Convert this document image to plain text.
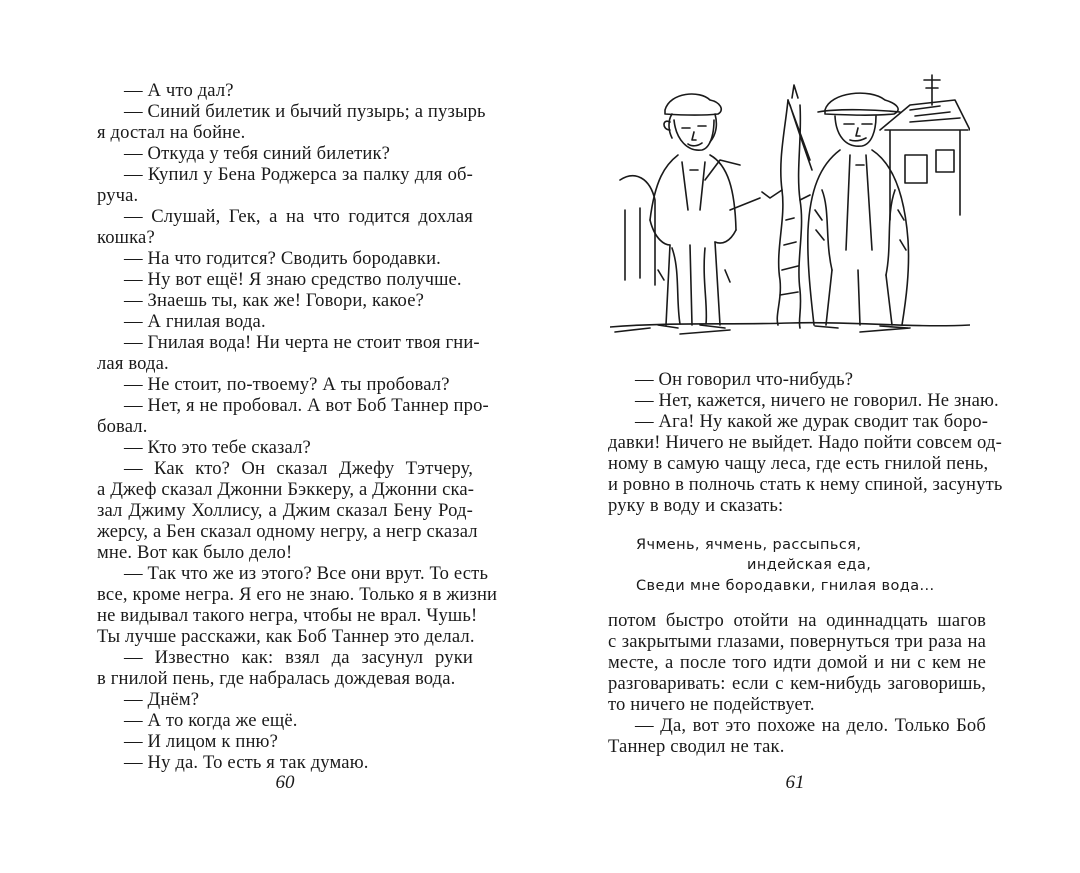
— А что дал?
— Синий билетик и бычий пузырь; а пузырь
я достал на бойне.
— Откуда у тебя синий билетик?
— Купил у Бена Роджерса за палку для об-
руча.
— Слушай, Гек, а на что годится дохлая
кошка?
— На что годится? Сводить бородавки.
— Ну вот ещё! Я знаю средство получше.
— Знаешь ты, как же! Говори, какое?
— А гнилая вода.
— Гнилая вода! Ни черта не стоит твоя гни-
лая вода.
— Не стоит, по-твоему? А ты пробовал?
— Нет, я не пробовал. А вот Боб Таннер про-
бовал.
— Кто это тебе сказал?
— Как кто? Он сказал Джефу Тэтчеру,
а Джеф сказал Джонни Бэккеру, а Джонни ска-
зал Джиму Холлису, а Джим сказал Бену Род-
жерсу, а Бен сказал одному негру, а негр сказал
мне. Вот как было дело!
— Так что же из этого? Все они врут. То есть
все, кроме негра. Я его не знаю. Только я в жизни
не видывал такого негра, чтобы не врал. Чушь!
Ты лучше расскажи, как Боб Таннер это делал.
— Известно как: взял да засунул руки
в гнилой пень, где набралась дождевая вода.
— Днём?
— А то когда же ещё.
— И лицом к пню?
— Ну да. То есть я так думаю.
60
— Он говорил что-нибудь?
— Нет, кажется, ничего не говорил. Не знаю.
— Ага! Ну какой же дурак сводит так боро-
давки! Ничего не выйдет. Надо пойти совсем од-
ному в самую чащу леса, где есть гнилой пень,
и ровно в полночь стать к нему спиной, засунуть
руку в воду и сказать:
Ячмень, ячмень, рассыпься,
индейская еда,
Сведи мне бородавки, гнилая вода...
потом быстро отойти на одиннадцать шагов
с закрытыми глазами, повернуться три раза на
месте, а после того идти домой и ни с кем не
разговаривать: если с кем-нибудь заговоришь,
то ничего не подействует.
— Да, вот это похоже на дело. Только Боб
Таннер сводил не так.
61
